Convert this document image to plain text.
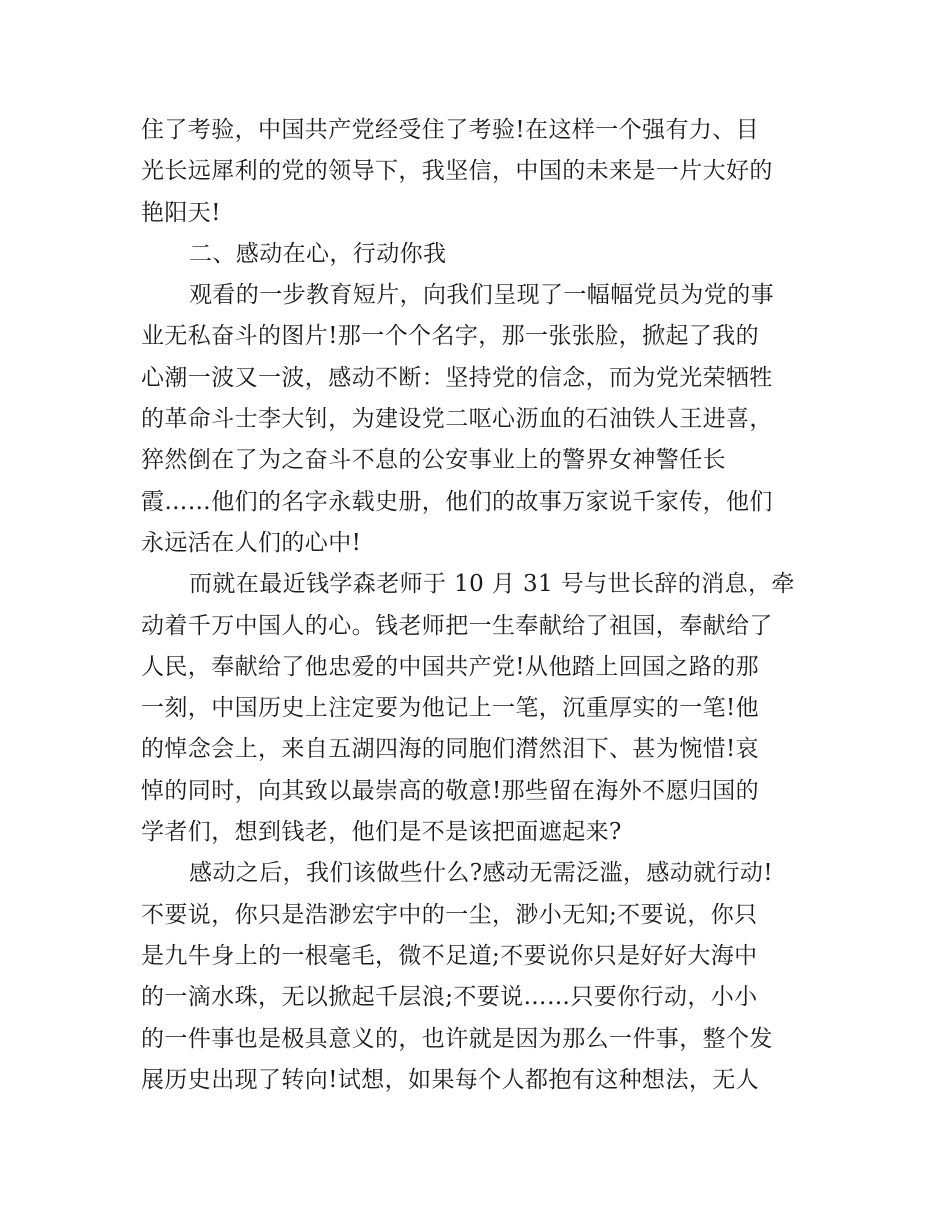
住了考验，中国共产党经受住了考验!在这样一个强有力、目
光长远犀利的党的领导下，我坚信，中国的未来是一片大好的
艳阳天!
二、感动在心，行动你我
观看的一步教育短片，向我们呈现了一幅幅党员为党的事
业无私奋斗的图片!那一个个名字，那一张张脸，掀起了我的
心潮一波又一波，感动不断：坚持党的信念，而为党光荣牺牲
的革命斗士李大钊，为建设党二呕心沥血的石油铁人王进喜，
猝然倒在了为之奋斗不息的公安事业上的警界女神警任长
霞……他们的名字永载史册，他们的故事万家说千家传，他们
永远活在人们的心中!
而就在最近钱学森老师于 10 月 31 号与世长辞的消息，牵
动着千万中国人的心。钱老师把一生奉献给了祖国，奉献给了
人民，奉献给了他忠爱的中国共产党!从他踏上回国之路的那
一刻，中国历史上注定要为他记上一笔，沉重厚实的一笔!他
的悼念会上，来自五湖四海的同胞们潸然泪下、甚为惋惜!哀
悼的同时，向其致以最崇高的敬意!那些留在海外不愿归国的
学者们，想到钱老，他们是不是该把面遮起来?
感动之后，我们该做些什么?感动无需泛滥，感动就行动!
不要说，你只是浩渺宏宇中的一尘，渺小无知;不要说，你只
是九牛身上的一根毫毛，微不足道;不要说你只是好好大海中
的一滴水珠，无以掀起千层浪;不要说……只要你行动，小小
的一件事也是极具意义的，也许就是因为那么一件事，整个发
展历史出现了转向!试想，如果每个人都抱有这种想法，无人
